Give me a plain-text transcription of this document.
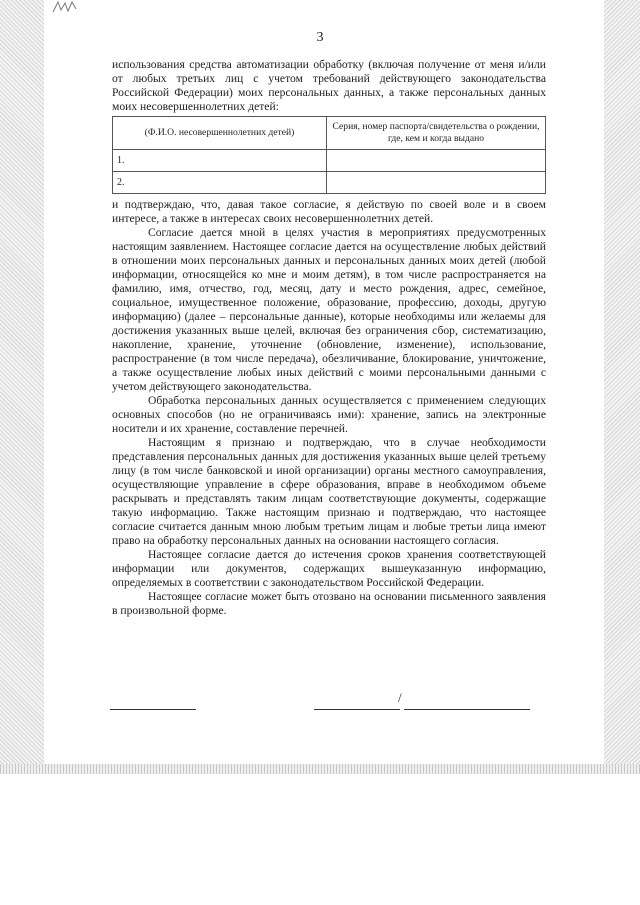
3

использования средства автоматизации обработку (включая получение от меня и/или от любых третьих лиц с учетом требований действующего законодательства Российской Федерации) моих персональных данных, а также персональных данных моих несовершеннолетних детей:

(Ф.И.О. несовершеннолетних детей)	Серия, номер паспорта/свидетельства о рождении, где, кем и когда выдано
1.	
2.	

и подтверждаю, что, давая такое согласие, я действую по своей воле и в своем интересе, а также в интересах своих несовершеннолетних детей.

Согласие дается мной в целях участия в мероприятиях предусмотренных настоящим заявлением. Настоящее согласие дается на осуществление любых действий в отношении моих персональных данных и персональных данных моих детей (любой информации, относящейся ко мне и моим детям), в том числе распространяется на фамилию, имя, отчество, год, месяц, дату и место рождения, адрес, семейное, социальное, имущественное положение, образование, профессию, доходы, другую информацию) (далее – персональные данные), которые необходимы или желаемы для достижения указанных выше целей, включая без ограничения сбор, систематизацию, накопление, хранение, уточнение (обновление, изменение), использование, распространение (в том числе передача), обезличивание, блокирование, уничтожение, а также осуществление любых иных действий с моими персональными данными с учетом действующего законодательства.

Обработка персональных данных осуществляется с применением следующих основных способов (но не ограничиваясь ими): хранение, запись на электронные носители и их хранение, составление перечней.

Настоящим я признаю и подтверждаю, что в случае необходимости представления персональных данных для достижения указанных выше целей третьему лицу (в том числе банковской и иной организации) органы местного самоуправления, осуществляющие управление в сфере образования, вправе в необходимом объеме раскрывать и представлять таким лицам соответствующие документы, содержащие такую информацию. Также настоящим признаю и подтверждаю, что настоящее согласие считается данным мною любым третьим лицам и любые третьи лица имеют право на обработку персональных данных на основании настоящего согласия.

Настоящее согласие дается до истечения сроков хранения соответствующей информации или документов, содержащих вышеуказанную информацию, определяемых в соответствии с законодательством Российской Федерации.

Настоящее согласие может быть отозвано на основании письменного заявления в произвольной форме.

/
